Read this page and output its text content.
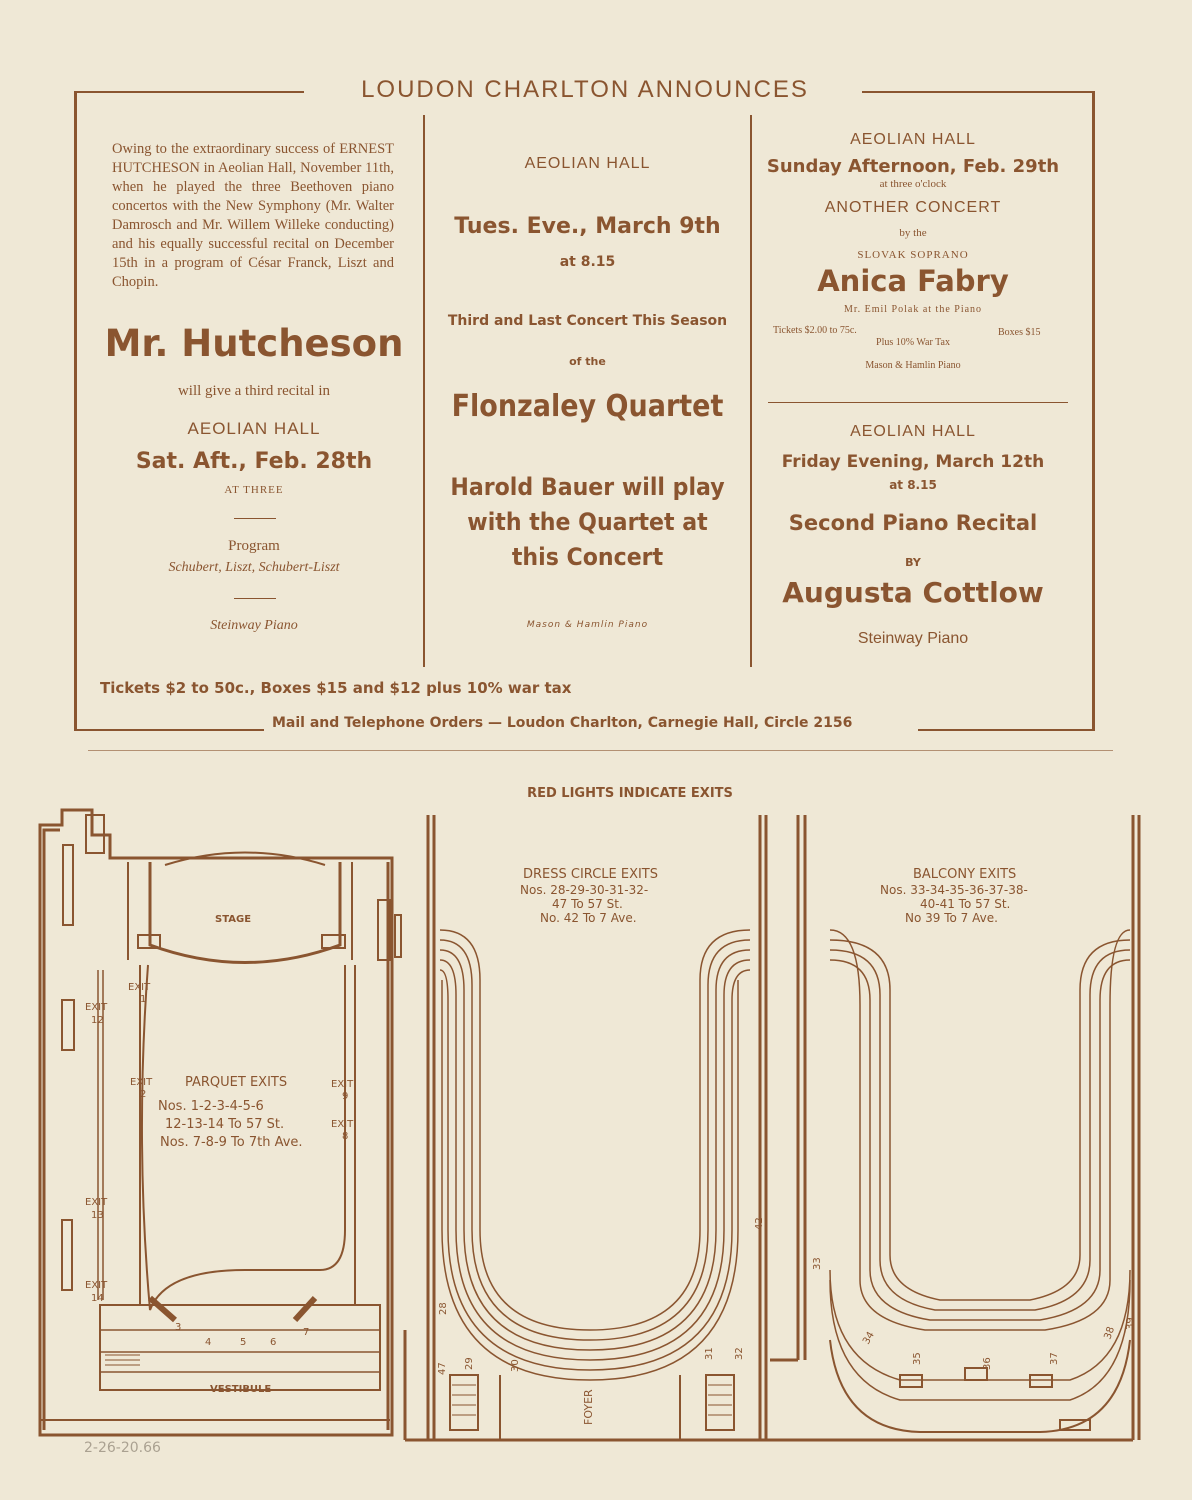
LOUDON CHARLTON ANNOUNCES
Owing to the extraordinary success of ERNEST HUTCHESON in Aeolian Hall, November 11th, when he played the three Beethoven piano concertos with the New Symphony (Mr. Walter Damrosch and Mr. Willem Willeke conducting) and his equally successful recital on December 15th in a program of César Franck, Liszt and Chopin.
Mr. Hutcheson
will give a third recital in
AEOLIAN HALL
Sat. Aft., Feb. 28th
AT THREE
Program
Schubert, Liszt, Schubert-Liszt
Steinway Piano
AEOLIAN HALL
Tues. Eve., March 9th
at 8.15
Third and Last Concert This Season
of the
Flonzaley Quartet
Harold Bauer will play
with the Quartet at
this Concert
Mason & Hamlin Piano
AEOLIAN HALL
Sunday Afternoon, Feb. 29th
at three o'clock
ANOTHER CONCERT
by the
SLOVAK SOPRANO
Anica Fabry
Mr. Emil Polak at the Piano
Tickets $2.00 to 75c.	Boxes $15
Plus 10% War Tax
Mason & Hamlin Piano
AEOLIAN HALL
Friday Evening, March 12th
at 8.15
Second Piano Recital
BY
Augusta Cottlow
Steinway Piano
Tickets $2 to 50c., Boxes $15 and $12 plus 10% war tax
Mail and Telephone Orders — Loudon Charlton, Carnegie Hall, Circle 2156
RED LIGHTS INDICATE EXITS
STAGE
VESTIBULE
PARQUET EXITS
Nos. 1-2-3-4-5-6
12-13-14 To 57 St.
Nos. 7-8-9 To 7th Ave.
EXIT
1
EXIT
2
3
4	5 6
7
EXIT
9
EXIT
8
EXIT
12
EXIT
13
EXIT
14
DRESS CIRCLE EXITS
Nos. 28-29-30-31-32-
47 To 57 St.
No. 42 To 7 Ave.
FOYER
28
29	30
31 32
42
47
BALCONY EXITS
Nos. 33-34-35-36-37-38-
40-41 To 57 St.
No 39 To 7 Ave.
33
34
35	36	37
38
39
2-26-20.66
